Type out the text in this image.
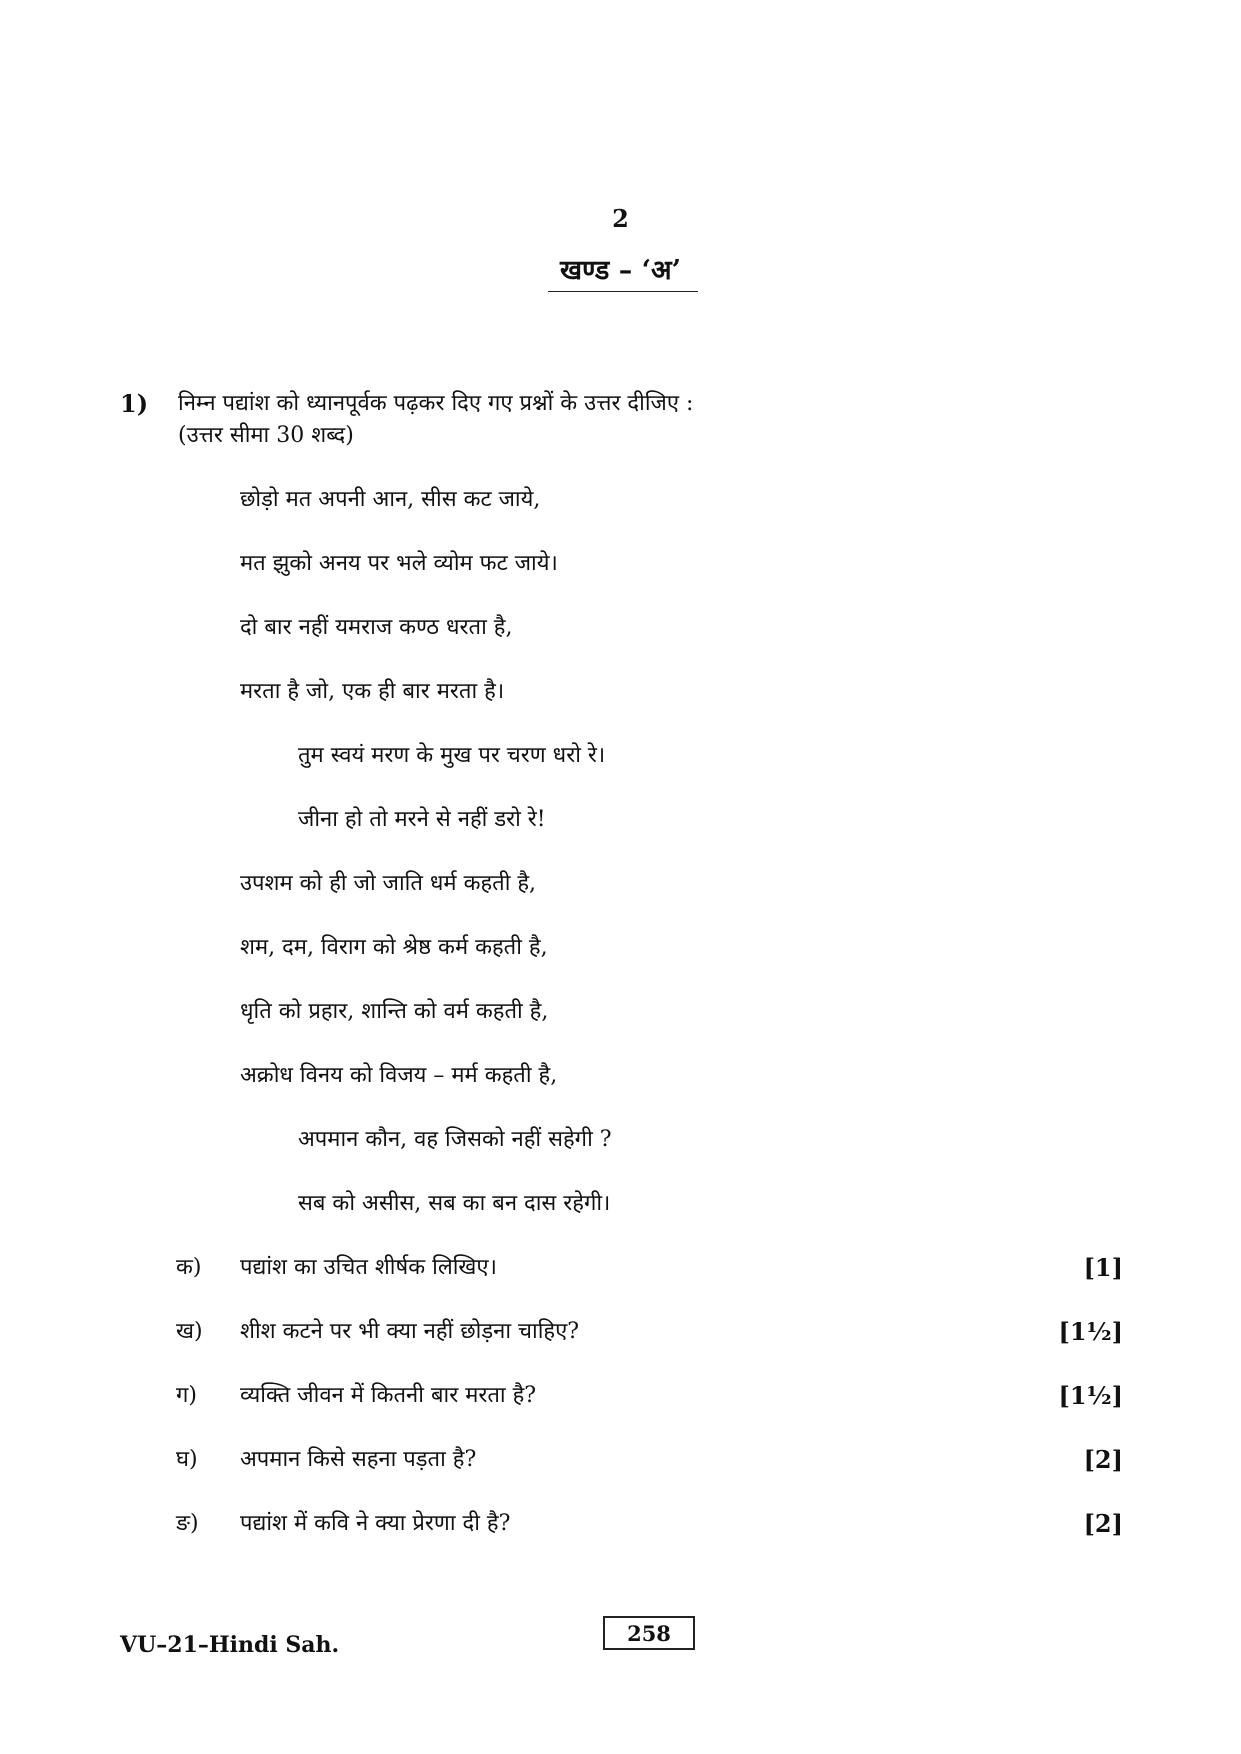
2
खण्ड – ‘अ’
1) निम्न पद्यांश को ध्यानपूर्वक पढ़कर दिए गए प्रश्नों के उत्तर दीजिए :
(उत्तर सीमा 30 शब्द)
छोड़ो मत अपनी आन, सीस कट जाये,
मत झुको अनय पर भले व्योम फट जाये।
दो बार नहीं यमराज कण्ठ धरता है,
मरता है जो, एक ही बार मरता है।
तुम स्वयं मरण के मुख पर चरण धरो रे।
जीना हो तो मरने से नहीं डरो रे!
उपशम को ही जो जाति धर्म कहती है,
शम, दम, विराग को श्रेष्ठ कर्म कहती है,
धृति को प्रहार, शान्ति को वर्म कहती है,
अक्रोध विनय को विजय – मर्म कहती है,
अपमान कौन, वह जिसको नहीं सहेगी ?
सब को असीस, सब का बन दास रहेगी।
क) पद्यांश का उचित शीर्षक लिखिए।	[1]
ख) शीश कटने पर भी क्या नहीं छोड़ना चाहिए?	[1½]
ग) व्यक्ति जीवन में कितनी बार मरता है?	[1½]
घ) अपमान किसे सहना पड़ता है?	[2]
ङ) पद्यांश में कवि ने क्या प्रेरणा दी है?	[2]
VU–21–Hindi Sah.	258
